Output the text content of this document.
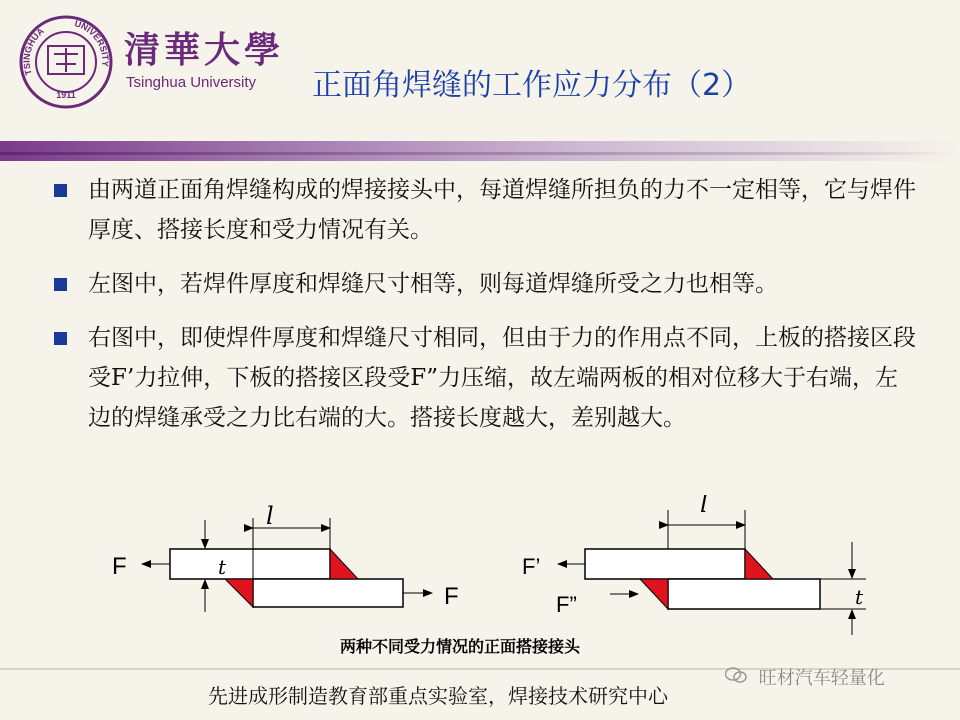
TSINGHUA
UNIVERSITY
1911
清華大學
Tsinghua University 正面角焊缝的工作应力分布（2）
由两道正面角焊缝构成的焊接接头中，每道焊缝所担负的力不一定相等，它与焊件厚度、搭接长度和受力情况有关。
左图中，若焊件厚度和焊缝尺寸相等，则每道焊缝所受之力也相等。
右图中，即使焊件厚度和焊缝尺寸相同，但由于力的作用点不同，上板的搭接区段受F’力拉伸，下板的搭接区段受F”力压缩，故左端两板的相对位移大于右端，左边的焊缝承受之力比右端的大。搭接长度越大，差别越大。
l
t
F
F
l
F’
F”	t
两种不同受力情况的正面搭接接头
先进成形制造教育部重点实验室，焊接技术研究中心
旺材汽车轻量化
